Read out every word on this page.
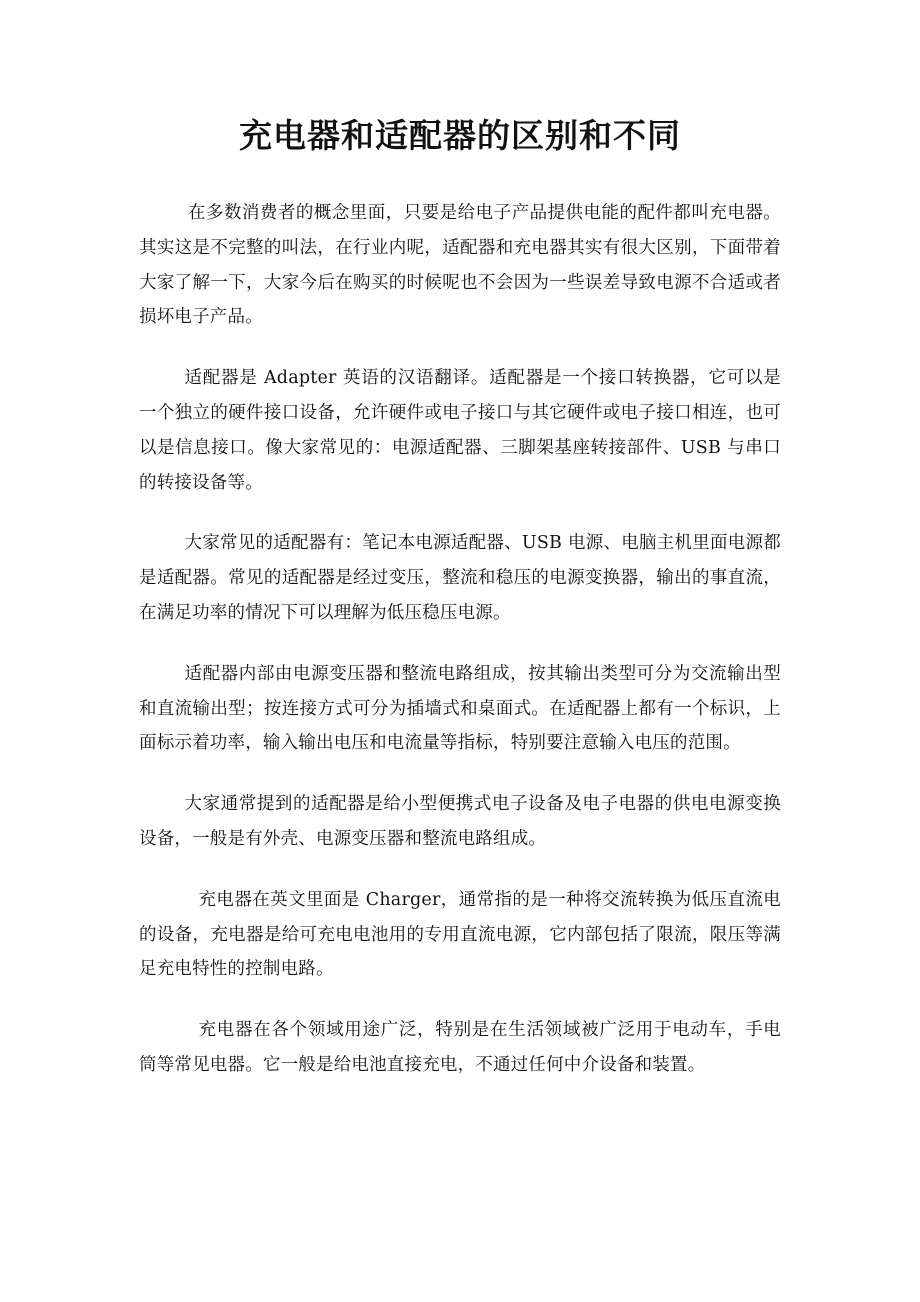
充电器和适配器的区别和不同

在多数消费者的概念里面，只要是给电子产品提供电能的配件都叫充电器。其实这是不完整的叫法，在行业内呢，适配器和充电器其实有很大区别，下面带着大家了解一下，大家今后在购买的时候呢也不会因为一些误差导致电源不合适或者损坏电子产品。

适配器是 Adapter 英语的汉语翻译。适配器是一个接口转换器，它可以是一个独立的硬件接口设备，允许硬件或电子接口与其它硬件或电子接口相连，也可以是信息接口。像大家常见的：电源适配器、三脚架基座转接部件、USB 与串口的转接设备等。

大家常见的适配器有：笔记本电源适配器、USB 电源、电脑主机里面电源都是适配器。常见的适配器是经过变压，整流和稳压的电源变换器，输出的事直流，在满足功率的情况下可以理解为低压稳压电源。

适配器内部由电源变压器和整流电路组成，按其输出类型可分为交流输出型和直流输出型；按连接方式可分为插墙式和桌面式。在适配器上都有一个标识，上面标示着功率，输入输出电压和电流量等指标，特别要注意输入电压的范围。

大家通常提到的适配器是给小型便携式电子设备及电子电器的供电电源变换设备，一般是有外壳、电源变压器和整流电路组成。

充电器在英文里面是 Charger，通常指的是一种将交流转换为低压直流电的设备，充电器是给可充电电池用的专用直流电源，它内部包括了限流，限压等满足充电特性的控制电路。

充电器在各个领域用途广泛，特别是在生活领域被广泛用于电动车，手电筒等常见电器。它一般是给电池直接充电，不通过任何中介设备和装置。
